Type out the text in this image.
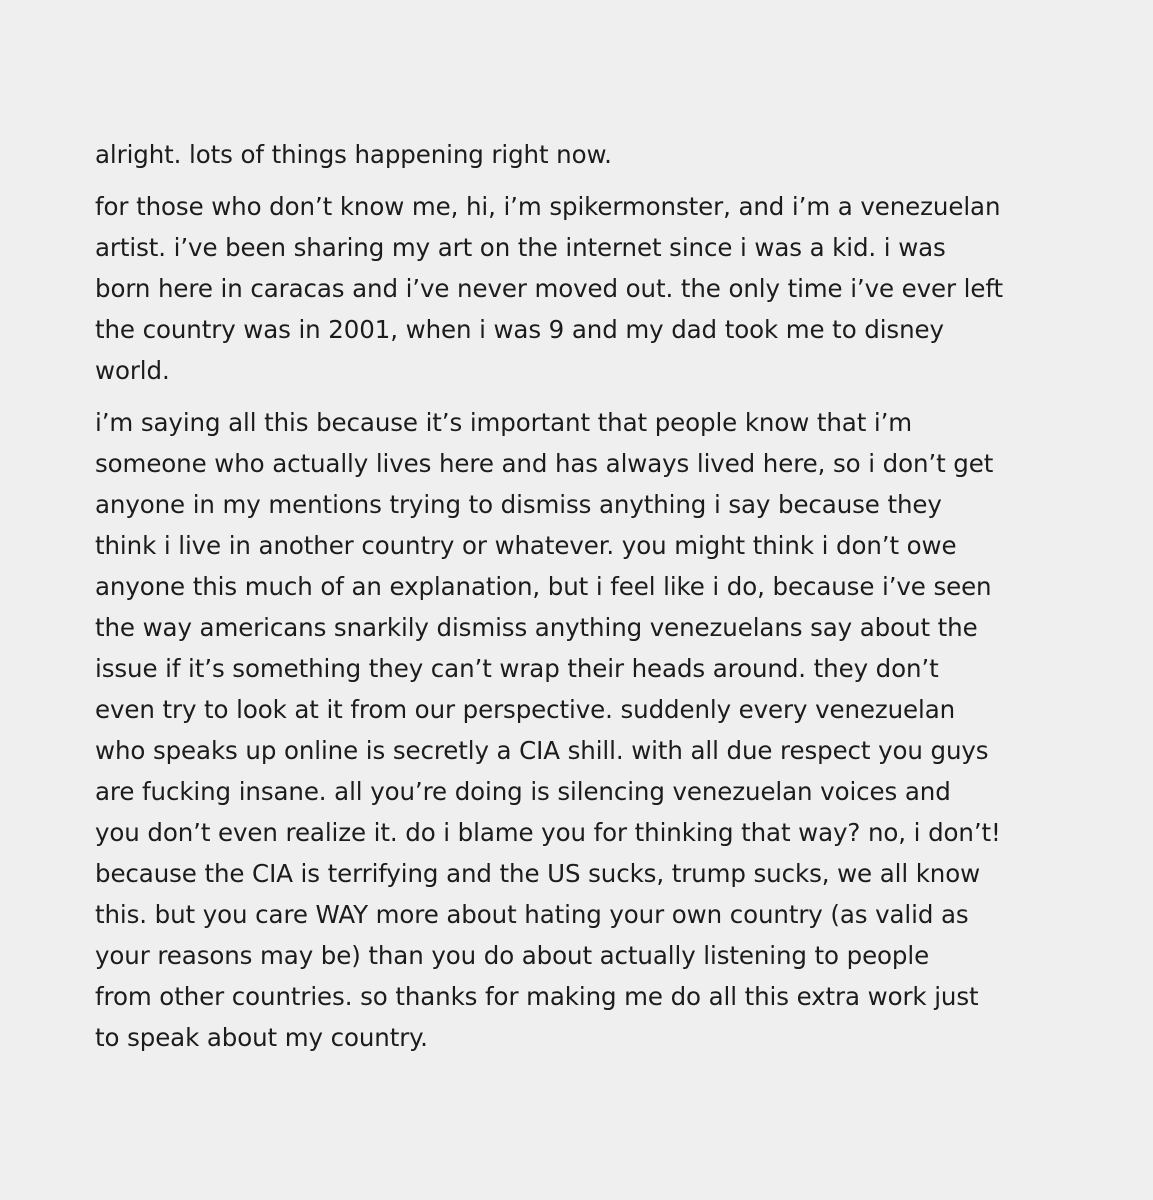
alright. lots of things happening right now.

for those who don’t know me, hi, i’m spikermonster, and i’m a venezuelan
artist. i’ve been sharing my art on the internet since i was a kid. i was
born here in caracas and i’ve never moved out. the only time i’ve ever left
the country was in 2001, when i was 9 and my dad took me to disney
world.

i’m saying all this because it’s important that people know that i’m
someone who actually lives here and has always lived here, so i don’t get
anyone in my mentions trying to dismiss anything i say because they
think i live in another country or whatever. you might think i don’t owe
anyone this much of an explanation, but i feel like i do, because i’ve seen
the way americans snarkily dismiss anything venezuelans say about the
issue if it’s something they can’t wrap their heads around. they don’t
even try to look at it from our perspective. suddenly every venezuelan
who speaks up online is secretly a CIA shill. with all due respect you guys
are fucking insane. all you’re doing is silencing venezuelan voices and
you don’t even realize it. do i blame you for thinking that way? no, i don’t!
because the CIA is terrifying and the US sucks, trump sucks, we all know
this. but you care WAY more about hating your own country (as valid as
your reasons may be) than you do about actually listening to people
from other countries. so thanks for making me do all this extra work just
to speak about my country.
